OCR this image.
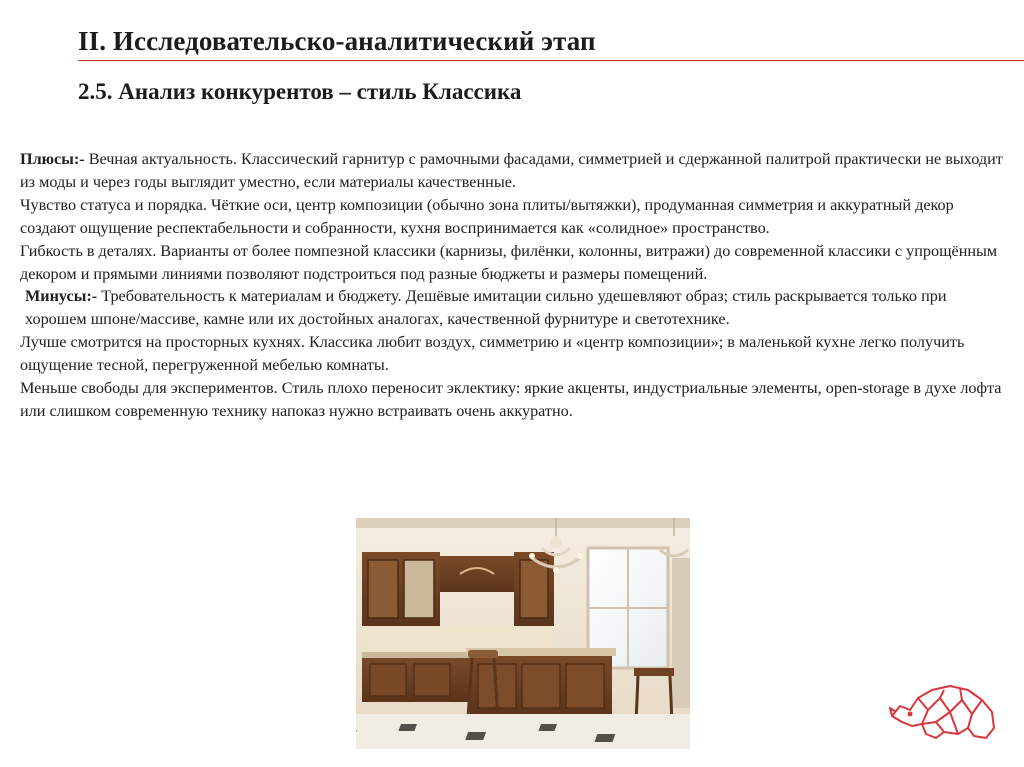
II. Исследовательско-аналитический этап
2.5. Анализ конкурентов – стиль Классика

Плюсы:- Вечная актуальность. Классический гарнитур с рамочными фасадами, симметрией и сдержанной палитрой практически не выходит из моды и через годы выглядит уместно, если материалы качественные.

Чувство статуса и порядка. Чёткие оси, центр композиции (обычно зона плиты/вытяжки), продуманная симметрия и аккуратный декор создают ощущение респектабельности и собранности, кухня воспринимается как «солидное» пространство.

Гибкость в деталях. Варианты от более помпезной классики (карнизы, филёнки, колонны, витражи) до современной классики с упрощённым декором и прямыми линиями позволяют подстроиться под разные бюджеты и размеры помещений.

Минусы:- Требовательность к материалам и бюджету. Дешёвые имитации сильно удешевляют образ; стиль раскрывается только при хорошем шпоне/массиве, камне или их достойных аналогах, качественной фурнитуре и светотехнике.

Лучше смотрится на просторных кухнях. Классика любит воздух, симметрию и «центр композиции»; в маленькой кухне легко получить ощущение тесной, перегруженной мебелью комнаты.

Меньше свободы для экспериментов. Стиль плохо переносит эклектику: яркие акценты, индустриальные элементы, open-storage в духе лофта или слишком современную технику напоказ нужно встраивать очень аккуратно.
